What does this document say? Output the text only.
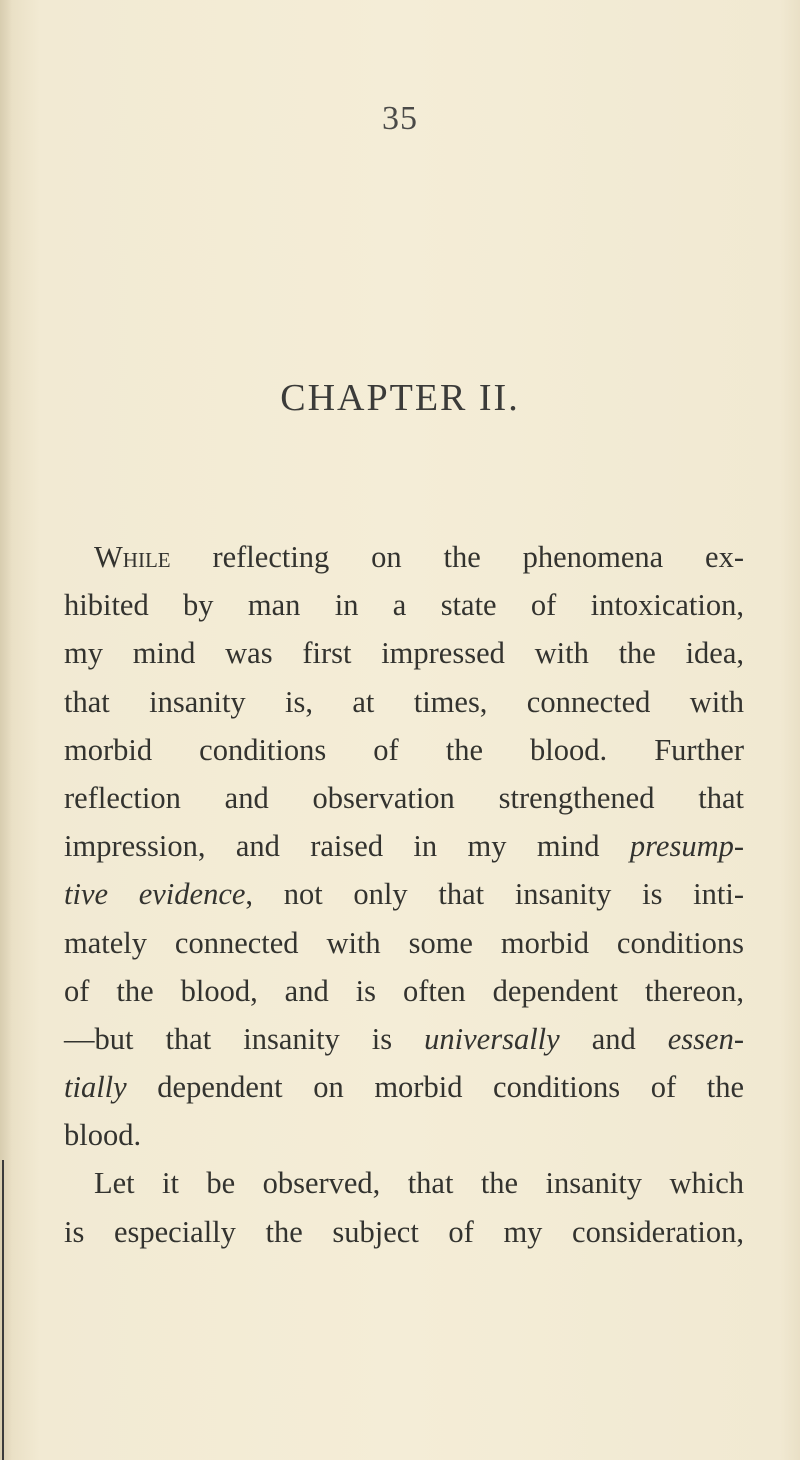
35
CHAPTER II.
While reflecting on the phenomena ex-
hibited by man in a state of intoxication,
my mind was first impressed with the idea,
that insanity is, at times, connected with
morbid conditions of the blood. Further
reflection and observation strengthened that
impression, and raised in my mind presump-
tive evidence, not only that insanity is inti-
mately connected with some morbid conditions
of the blood, and is often dependent thereon,
—but that insanity is universally and essen-
tially dependent on morbid conditions of the
blood.
Let it be observed, that the insanity which
is especially the subject of my consideration,
